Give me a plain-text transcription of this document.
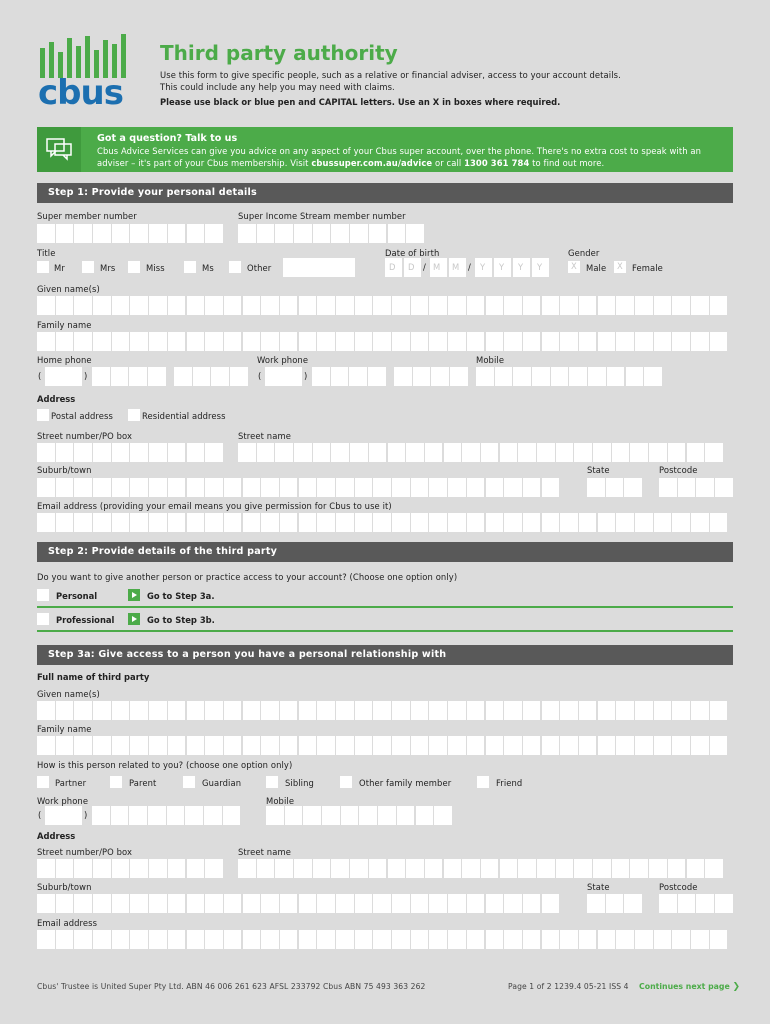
cbus
Third party authority
Use this form to give specific people, such as a relative or financial adviser, access to your account details.
This could include any help you may need with claims.
Please use black or blue pen and CAPITAL letters. Use an X in boxes where required.
Got a question? Talk to us
Cbus Advice Services can give you advice on any aspect of your Cbus super account, over the phone. There's no extra cost to speak with an
adviser – it's part of your Cbus membership. Visit cbussuper.com.au/advice or call 1300 361 784 to find out more.
Step 1: Provide your personal details
Super member number	Super Income Stream member number
Title
Mr	Mrs	Miss	Ms	Other
Date of birth
D D / M M / Y Y Y Y
Gender
X Male X Female
Given name(s)
Family name
Home phone
(	)
Work phone
(	)
Mobile
Address
Postal address	Residential address
Street number/PO box	Street name
Suburb/town	State	Postcode
Email address (providing your email means you give permission for Cbus to use it)
Step 2: Provide details of the third party
Do you want to give another person or practice access to your account? (Choose one option only)
Personal	Go to Step 3a.
Professional	Go to Step 3b.
Step 3a: Give access to a person you have a personal relationship with
Full name of third party
Given name(s)
Family name
How is this person related to you? (choose one option only)
Partner	Parent	Guardian	Sibling	Other family member	Friend
Work phone
(	)
Mobile
Address
Street number/PO box	Street name
Suburb/town	State	Postcode
Email address
Cbus' Trustee is United Super Pty Ltd. ABN 46 006 261 623 AFSL 233792 Cbus ABN 75 493 363 262	Page 1 of 2 1239.4 05-21 ISS 4 Continues next page ❯
